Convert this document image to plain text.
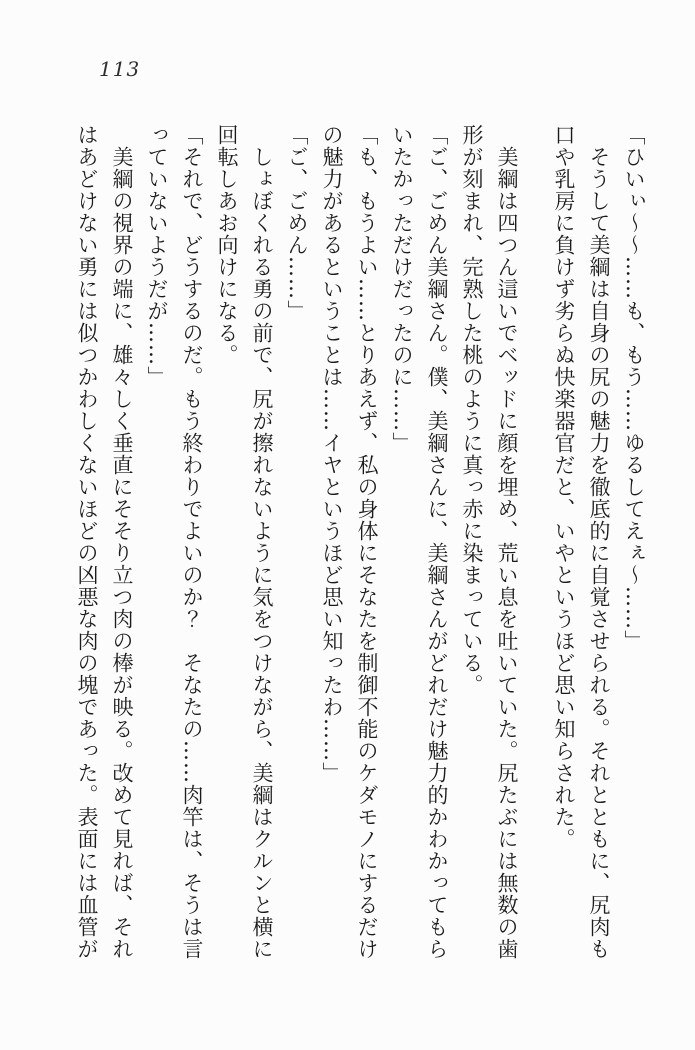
113
「ひいぃ～～……も、もう……ゆるしてえぇ～……」
そうして美綱は自身の尻の魅力を徹底的に自覚させられる。それとともに、尻肉も
口や乳房に負けず劣らぬ快楽器官だと、いやというほど思い知らされた。
美綱は四つん這いでベッドに顔を埋め、荒い息を吐いていた。尻たぶには無数の歯
形が刻まれ、完熟した桃のように真っ赤に染まっている。
「ご、ごめん美綱さん。僕、美綱さんに、美綱さんがどれだけ魅力的かわかってもら
いたかっただけだったのに……」
「も、もうよい……とりあえず、私の身体にそなたを制御不能のケダモノにするだけ
の魅力があるということは……イヤというほど思い知ったわ……」
「ご、ごめん……」
しょぼくれる勇の前で、尻が擦れないように気をつけながら、美綱はクルンと横に
回転しあお向けになる。
「それで、どうするのだ。もう終わりでよいのか？　そなたの……肉竿は、そうは言
っていないようだが……」
美綱の視界の端に、雄々しく垂直にそそり立つ肉の棒が映る。改めて見れば、それ
はあどけない勇には似つかわしくないほどの凶悪な肉の塊であった。表面には血管が
